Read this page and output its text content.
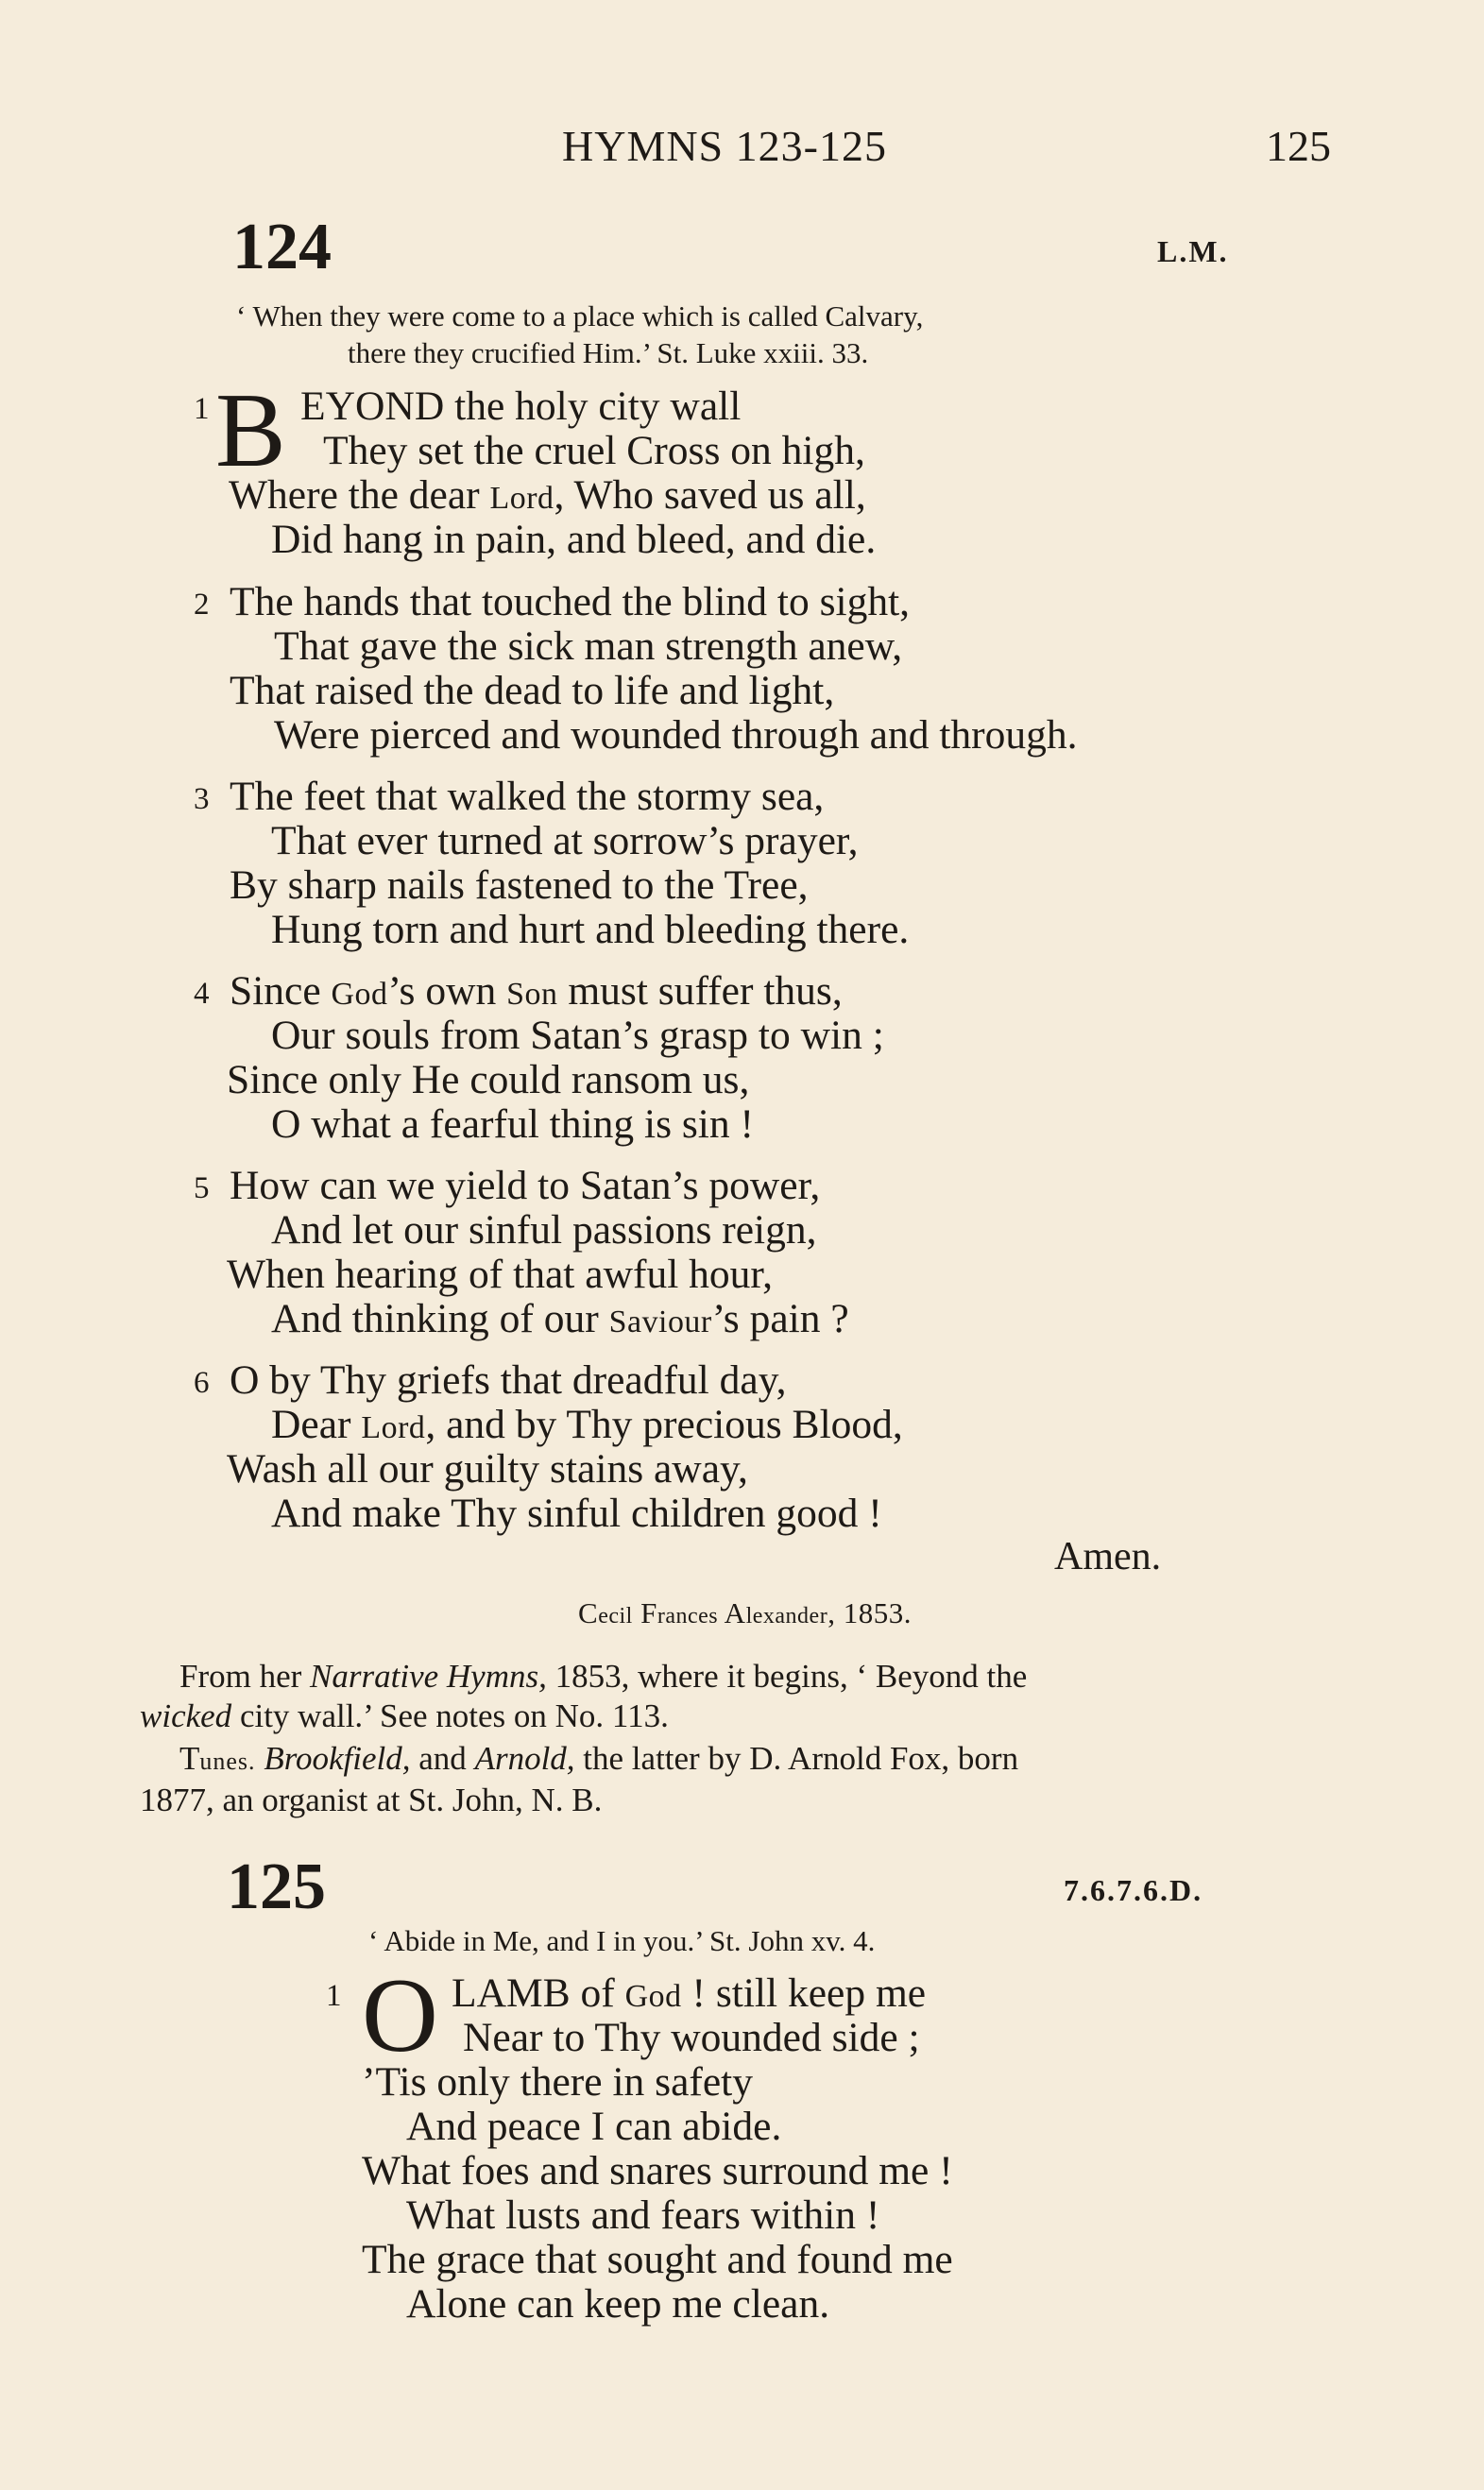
HYMNS 123-125	125
124	L.M.
‘ When they were come to a place which is called Calvary,
there they crucified Him.’ St. Luke xxiii. 33.
1 B EYOND the holy city wall
They set the cruel Cross on high,
Where the dear Lord, Who saved us all,
Did hang in pain, and bleed, and die.
2 The hands that touched the blind to sight,
That gave the sick man strength anew,
That raised the dead to life and light,
Were pierced and wounded through and through.
3 The feet that walked the stormy sea,
That ever turned at sorrow’s prayer,
By sharp nails fastened to the Tree,
Hung torn and hurt and bleeding there.
4 Since God’s own Son must suffer thus,
Our souls from Satan’s grasp to win ;
Since only He could ransom us,
O what a fearful thing is sin !
5 How can we yield to Satan’s power,
And let our sinful passions reign,
When hearing of that awful hour,
And thinking of our Saviour’s pain ?
6 O by Thy griefs that dreadful day,
Dear Lord, and by Thy precious Blood,
Wash all our guilty stains away,
And make Thy sinful children good !
Amen.
Cecil Frances Alexander, 1853.
From her Narrative Hymns, 1853, where it begins, ‘ Beyond the
wicked city wall.’ See notes on No. 113.
Tunes. Brookfield, and Arnold, the latter by D. Arnold Fox, born
1877, an organist at St. John, N. B.
125	7.6.7.6.D.
‘ Abide in Me, and I in you.’ St. John xv. 4.
1 O LAMB of God ! still keep me
Near to Thy wounded side ;
’Tis only there in safety
And peace I can abide.
What foes and snares surround me !
What lusts and fears within !
The grace that sought and found me
Alone can keep me clean.
